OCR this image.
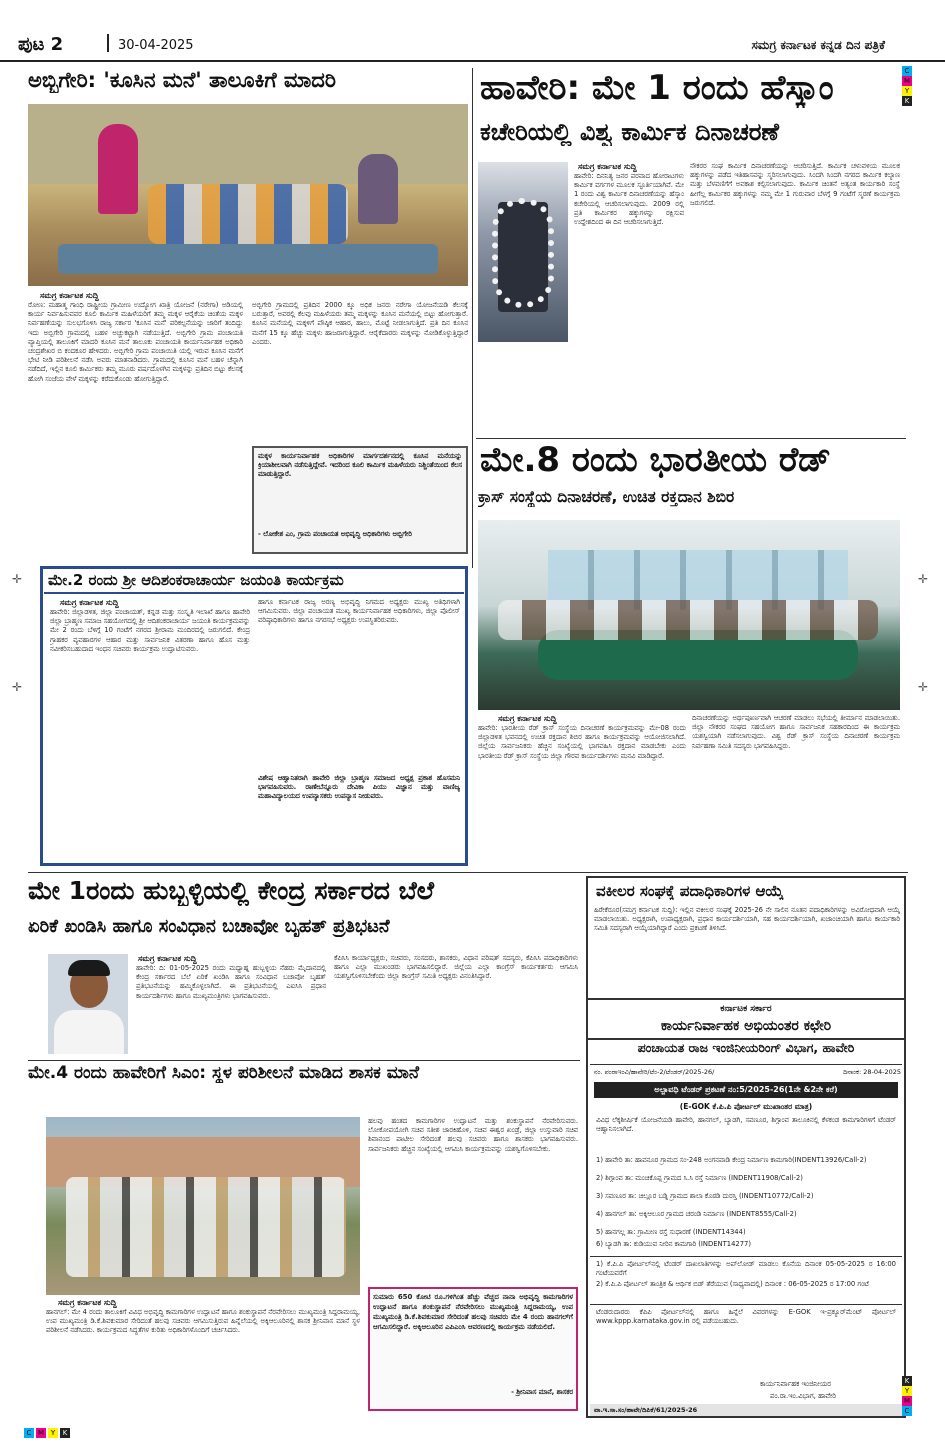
ಪುಟ 2	30-04-2025	ಸಮಗ್ರ ಕರ್ನಾಟಕ ಕನ್ನಡ ದಿನ ಪತ್ರಿಕೆ
C
M
Y
K
ಅಬ್ಬಿಗೇರಿ: 'ಕೂಸಿನ ಮನೆ' ತಾಲೂಕಿಗೆ ಮಾದರಿ
ಸಮಗ್ರ ಕರ್ನಾಟಕ ಸುದ್ದಿ
ರೋಣ: ಮಹಾತ್ಮ ಗಾಂಧಿ ರಾಷ್ಟ್ರೀಯ ಗ್ರಾಮೀಣ ಉದ್ಯೋಗ ಖಾತ್ರಿ ಯೋಜನೆ (ನರೇಗಾ) ಅಡಿಯಲ್ಲಿ ಕಾರ್ಯ ನಿರ್ವಹಿಸುವವರ ಕೂಲಿ ಕಾರ್ಮಿಕ ಮಹಿಳೆಯರಿಗೆ ತಮ್ಮ ಮಕ್ಕಳ ಆರೈಕೆಯ ಚಿಂತೆಯ ಮಕ್ಕಳ ನಿರ್ವಹಣೆಯನ್ನು ಸುಲಭಗೊಳಿಸಿ ರಾಜ್ಯ ಸರ್ಕಾರ 'ಕೂಸಿನ ಮನೆ' ಪರಿಕಲ್ಪನೆಯನ್ನು ಜಾರಿಗೆ ತಂದಿದ್ದು ಇದು ಅಬ್ಬಿಗೇರಿ ಗ್ರಾಮದಲ್ಲಿ ಬಹಳ ಅಚ್ಚುಕಟ್ಟಾಗಿ ನಡೆಯುತ್ತಿದೆ. ಅಬ್ಬಿಗೇರಿ ಗ್ರಾಮ ಪಂಚಾಯತಿ ವ್ಯಾಪ್ತಿಯಲ್ಲಿ ತಾಲೂಕಿಗೆ ಮಾದರಿ ಕೂಸಿನ ಮನೆ ತಾಲೂಕು ಪಂಚಾಯತಿ ಕಾರ್ಯನಿರ್ವಾಹಕ ಅಧಿಕಾರಿ ಚಂದ್ರಶೇಖರ ಬಿ ಕಂದಕೂರ ಹೇಳಿದರು. ಅಬ್ಬಿಗೇರಿ ಗ್ರಾಮ ಪಂಚಾಯಿತಿ ಯಲ್ಲಿ ಇರುವ ಕೂಸಿನ ಮನೆಗೆ ಭೇಟಿ ನೀಡಿ ಪರಿಶೀಲನೆ ನಡೆಸಿ ಅವರು ಮಾತನಾಡಿದರು. ಗ್ರಾಮದಲ್ಲಿ ಕೂಸಿನ ಮನೆ ಬಹಳ ಚೆನ್ನಾಗಿ ನಡೆದಿದೆ, ಇಲ್ಲಿನ ಕೂಲಿ ಕಾರ್ಮಿಕರು ತಮ್ಮ ಮೂರು ವರ್ಷದೊಳಗಿನ ಮಕ್ಕಳನ್ನು ಪ್ರತಿದಿನ ಬಿಟ್ಟು ಕೆಲಸಕ್ಕೆ ಹೋಗಿ ಸಂಜೆಯ ವೇಳೆ ಮಕ್ಕಳನ್ನು ಕರೆದುಕೊಂಡು ಹೋಗುತ್ತಿದ್ದಾರೆ.
ಅಬ್ಬಿಗೇರಿ ಗ್ರಾಮದಲ್ಲಿ ಪ್ರತಿದಿನ 2000 ಕ್ಕೂ ಅಧಿಕ ಜನರು ನರೇಗಾ ಯೋಜನೆಯಡಿ ಕೆಲಸಕ್ಕೆ ಬರುತ್ತಾರೆ, ಅವರಲ್ಲಿ ಕೆಲವು ಮಹಿಳೆಯರು ತಮ್ಮ ಮಕ್ಕಳನ್ನು ಕೂಸಿನ ಮನೆಯಲ್ಲಿ ಬಿಟ್ಟು ಹೋಗುತ್ತಾರೆ. ಕೂಸಿನ ಮನೆಯಲ್ಲಿ ಮಕ್ಕಳಿಗೆ ಪೌಷ್ಠಿಕ ಆಹಾರ, ಹಾಲು, ಮೊಟ್ಟೆ ನೀಡಲಾಗುತ್ತಿದೆ. ಪ್ರತಿ ದಿನ ಕೂಸಿನ ಮನೆಗೆ 15 ಕ್ಕೂ ಹೆಚ್ಚು ಮಕ್ಕಳು ಹಾಜರಾಗುತ್ತಿದ್ದಾರೆ. ಆರೈಕೆದಾರರು ಮಕ್ಕಳನ್ನು ನೋಡಿಕೊಳ್ಳುತ್ತಿದ್ದಾರೆ ಎಂದರು.
ಮಕ್ಕಳ ಕಾರ್ಯನಿರ್ವಾಹಕ ಅಧಿಕಾರಿಗಳ ಮಾರ್ಗದರ್ಶನದಲ್ಲಿ ಕೂಸಿನ ಮನೆಯನ್ನು ಕ್ರಿಯಾಶೀಲವಾಗಿ ನಡೆಸುತ್ತಿದ್ದೇವೆ. ಇದರಿಂದ ಕೂಲಿ ಕಾರ್ಮಿಕ ಮಹಿಳೆಯರು ನಿಶ್ಚಿಂತೆಯಿಂದ ಕೆಲಸ ಮಾಡುತ್ತಿದ್ದಾರೆ.
- ಲೋಕೇಶ ಎಂ, ಗ್ರಾಮ ಪಂಚಾಯತ ಅಭಿವೃದ್ಧಿ ಅಧಿಕಾರಿಗಳು ಅಬ್ಬಿಗೇರಿ
ಹಾವೇರಿ: ಮೇ 1 ರಂದು ಹೆಸ್ಕಾಂ
ಕಚೇರಿಯಲ್ಲಿ ವಿಶ್ವ ಕಾರ್ಮಿಕ ದಿನಾಚರಣೆ
ಸಮಗ್ರ ಕರ್ನಾಟಕ ಸುದ್ದಿ
ಹಾವೇರಿ: ದಿನನಿತ್ಯ ಜನರ ಪರವಾದ ಹೋರಾಟಗಳು ಕಾರ್ಮಿಕ ವರ್ಗಗಳ ಮೂಲಕ ಸ್ಫೂರ್ತಿಯಾಗಿವೆ. ಮೇ 1 ರಂದು ವಿಶ್ವ ಕಾರ್ಮಿಕ ದಿನಾಚರಣೆಯನ್ನು ಹೆಸ್ಕಾಂ ಕಚೇರಿಯಲ್ಲಿ ಆಚರಿಸಲಾಗುವುದು. 2009 ರಲ್ಲಿ ಪ್ರತಿ ಕಾರ್ಮಿಕರ ಹಕ್ಕುಗಳನ್ನು ರಕ್ಷಿಸುವ ಉದ್ದೇಶದಿಂದ ಈ ದಿನ ಆಚರಿಸಲಾಗುತ್ತಿದೆ.
ನೌಕರರ ಸಂಘ ಕಾರ್ಮಿಕ ದಿನಾಚರಣೆಯನ್ನು ಆಚರಿಸುತ್ತಿದೆ. ಕಾರ್ಮಿಕ ಚಳುವಳಿಯ ಮೂಲಕ ಹಕ್ಕುಗಳನ್ನು ಪಡೆದ ಇತಿಹಾಸವನ್ನು ಸ್ಮರಿಸಲಾಗುವುದು. ಸಿಂದಗಿ ಸಿಂದಗಿ ನಗರದ ಕಾರ್ಮಿಕ ಕಲ್ಯಾಣ ಮತ್ತು ಬೆಳವಣಿಗೆಗೆ ಅವಕಾಶ ಕಲ್ಪಿಸಲಾಗುವುದು. ಕಾರ್ಮಿಕ ಚಿಂತನೆ ಅತ್ಯಂತ ಕಾರ್ಯಕಾರಿ ಸಂಸ್ಥೆ ಹೀಗೆಲ್ಲ ಕಾರ್ಮಿಕರ ಹಕ್ಕುಗಳನ್ನು ನಮ್ಮ ಮೇ 1 ಗುರುವಾರ ಬೆಳಗ್ಗೆ 9 ಗಂಟೆಗೆ ಸ್ಮರಣೆ ಕಾರ್ಯಕ್ರಮ ಜರುಗಲಿದೆ.
ಮೇ.8 ರಂದು ಭಾರತೀಯ ರೆಡ್
ಕ್ರಾಸ್ ಸಂಸ್ಥೆಯ ದಿನಾಚರಣೆ, ಉಚಿತ ರಕ್ತದಾನ ಶಿಬಿರ
ಸಮಗ್ರ ಕರ್ನಾಟಕ ಸುದ್ದಿ
ಹಾವೇರಿ: ಭಾರತೀಯ ರೆಡ್ ಕ್ರಾಸ್ ಸಂಸ್ಥೆಯ ದಿನಾಚರಣೆ ಕಾರ್ಯಕ್ರಮವನ್ನು ಮೇ-08 ರಂದು ಜಿಲ್ಲಾಡಳಿತ ಭವನದಲ್ಲಿ ಉಚಿತ ರಕ್ತದಾನ ಶಿಬಿರ ಹಾಗೂ ಕಾರ್ಯಕ್ರಮವನ್ನು ಆಯೋಜಿಸಲಾಗಿದೆ. ಜಿಲ್ಲೆಯ ಸಾರ್ವಜನಿಕರು ಹೆಚ್ಚಿನ ಸಂಖ್ಯೆಯಲ್ಲಿ ಭಾಗವಹಿಸಿ ರಕ್ತದಾನ ಮಾಡಬೇಕು ಎಂದು ಭಾರತೀಯ ರೆಡ್ ಕ್ರಾಸ್ ಸಂಸ್ಥೆಯ ಜಿಲ್ಲಾ ಗೌರವ ಕಾರ್ಯದರ್ಶಿಗಳು ಮನವಿ ಮಾಡಿದ್ದಾರೆ.
ದಿನಾಚರಣೆಯನ್ನು ಅರ್ಥಪೂರ್ಣವಾಗಿ ಆಚರಣೆ ಮಾಡಲು ಸಭೆಯಲ್ಲಿ ತೀರ್ಮಾನ ಮಾಡಲಾಯಿತು. ಜಿಲ್ಲಾ ನೌಕರರ ಸಂಘದ ಸಹಯೋಗ ಹಾಗೂ ಸಾರ್ವಜನಿಕ ಸಹಕಾರದಿಂದ ಈ ಕಾರ್ಯಕ್ರಮ ಯಶಸ್ವಿಯಾಗಿ ನಡೆಸಲಾಗುವುದು. ವಿಶ್ವ ರೆಡ್ ಕ್ರಾಸ್ ಸಂಸ್ಥೆಯ ದಿನಾಚರಣೆ ಕಾರ್ಯಕ್ರಮ ನಿರ್ವಹಣಾ ಸಮಿತಿ ಸದಸ್ಯರು ಭಾಗವಹಿಸಿದ್ದರು.
ಮೇ.2 ರಂದು ಶ್ರೀ ಆದಿಶಂಕರಾಚಾರ್ಯ ಜಯಂತಿ ಕಾರ್ಯಕ್ರಮ
ಸಮಗ್ರ ಕರ್ನಾಟಕ ಸುದ್ದಿ
ಹಾವೇರಿ: ಜಿಲ್ಲಾಡಳಿತ, ಜಿಲ್ಲಾ ಪಂಚಾಯತ್, ಕನ್ನಡ ಮತ್ತು ಸಂಸ್ಕೃತಿ ಇಲಾಖೆ ಹಾಗೂ ಹಾವೇರಿ ಜಿಲ್ಲಾ ಬ್ರಾಹ್ಮಣ ಸಮಾಜ ಸಹಯೋಗದಲ್ಲಿ ಶ್ರೀ ಆದಿಶಂಕರಾಚಾರ್ಯ ಜಯಂತಿ ಕಾರ್ಯಕ್ರಮವನ್ನು ಮೇ 2 ರಂದು ಬೆಳಿಗ್ಗೆ 10 ಗಂಟೆಗೆ ನಗರದ ಶ್ರೀರಾಮ ಮಂದಿರದಲ್ಲಿ ಜರುಗಲಿದೆ. ಕೇಂದ್ರ ಗ್ರಾಹಕರ ವ್ಯವಹಾರಗಳ ಆಹಾರ ಮತ್ತು ಸಾರ್ವಜನಿಕ ವಿತರಣಾ ಹಾಗೂ ಹೊಸ ಮತ್ತು ನವೀಕರಿಸಬಹುದಾದ ಇಂಧನ ಸಚಿವರು ಕಾರ್ಯಕ್ರಮ ಉದ್ಘಾಟಿಸುವರು.
ಹಾಗೂ ಕರ್ನಾಟಕ ರಾಜ್ಯ ಅರಣ್ಯ ಅಭಿವೃದ್ಧಿ ನಿಗಮದ ಅಧ್ಯಕ್ಷರು ಮುಖ್ಯ ಅತಿಥಿಗಳಾಗಿ ಆಗಮಿಸುವರು. ಜಿಲ್ಲಾ ಪಂಚಾಯತ ಮುಖ್ಯ ಕಾರ್ಯನಿರ್ವಾಹಕ ಅಧಿಕಾರಿಗಳು, ಜಿಲ್ಲಾ ಪೊಲೀಸ್ ವರಿಷ್ಠಾಧಿಕಾರಿಗಳು ಹಾಗೂ ನಗರಸಭೆ ಅಧ್ಯಕ್ಷರು ಉಪಸ್ಥಿತರಿರುವರು.
ವಿಶೇಷ ಆಹ್ವಾನಿತರಾಗಿ ಹಾವೇರಿ ಜಿಲ್ಲಾ ಬ್ರಾಹ್ಮಣ ಸಮಾಜದ ಅಧ್ಯಕ್ಷ ಪ್ರಕಾಶ ಹೊಸಮನಿ ಭಾಗವಹಿಸುವರು. ರಾಣೇಬೆನ್ನೂರು ದೇವಿಕಾ ಪಿಯು ವಿಜ್ಞಾನ ಮತ್ತು ವಾಣಿಜ್ಯ ಮಹಾವಿದ್ಯಾಲಯದ ಉಪನ್ಯಾಸಕರು ಉಪನ್ಯಾಸ ನೀಡುವರು.
✛
✛
✛
✛
ಮೇ 1ರಂದು ಹುಬ್ಬಳ್ಳಿಯಲ್ಲಿ ಕೇಂದ್ರ ಸರ್ಕಾರದ ಬೆಲೆ
ಏರಿಕೆ ಖಂಡಿಸಿ ಹಾಗೂ ಸಂವಿಧಾನ ಬಚಾವೋ ಬೃಹತ್ ಪ್ರತಿಭಟನೆ
ಸಮಗ್ರ ಕರ್ನಾಟಕ ಸುದ್ದಿ
ಹಾವೇರಿ: ದಿ: 01-05-2025 ರಂದು ಮಧ್ಯಾಹ್ನ ಹುಬ್ಬಳ್ಳಿಯ ನೆಹರು ಮೈದಾನದಲ್ಲಿ ಕೇಂದ್ರ ಸರ್ಕಾರದ ಬೆಲೆ ಏರಿಕೆ ಖಂಡಿಸಿ ಹಾಗೂ ಸಂವಿಧಾನ ಬಚಾವೋ ಬೃಹತ್ ಪ್ರತಿಭಟನೆಯನ್ನು ಹಮ್ಮಿಕೊಳ್ಳಲಾಗಿದೆ. ಈ ಪ್ರತಿಭಟನೆಯಲ್ಲಿ ಎಐಸಿಸಿ ಪ್ರಧಾನ ಕಾರ್ಯದರ್ಶಿಗಳು ಹಾಗೂ ಮುಖ್ಯಮಂತ್ರಿಗಳು ಭಾಗವಹಿಸುವರು.
ಕೆಪಿಸಿಸಿ ಕಾರ್ಯಾಧ್ಯಕ್ಷರು, ಸಚಿವರು, ಸಂಸದರು, ಶಾಸಕರು, ವಿಧಾನ ಪರಿಷತ್ ಸದಸ್ಯರು, ಕೆಪಿಸಿಸಿ ಪದಾಧಿಕಾರಿಗಳು ಹಾಗೂ ಎಲ್ಲಾ ಮುಖಂಡರು ಭಾಗವಹಿಸಲಿದ್ದಾರೆ. ಜಿಲ್ಲೆಯ ಎಲ್ಲಾ ಕಾಂಗ್ರೆಸ್ ಕಾರ್ಯಕರ್ತರು ಆಗಮಿಸಿ ಯಶಸ್ವಿಗೊಳಿಸಬೇಕೆಂದು ಜಿಲ್ಲಾ ಕಾಂಗ್ರೆಸ್ ಸಮಿತಿ ಅಧ್ಯಕ್ಷರು ವಿನಂತಿಸಿದ್ದಾರೆ.
ವಕೀಲರ ಸಂಘಕ್ಕೆ ಪದಾಧಿಕಾರಿಗಳ ಆಯ್ಕೆ
ಹಿರೇಕೆರೂರ(ಸಮಗ್ರ ಕರ್ನಾಟಕ ಸುದ್ದಿ): ಇಲ್ಲಿನ ವಕೀಲರ ಸಂಘಕ್ಕೆ 2025-26 ನೇ ಸಾಲಿನ ನೂತನ ಪದಾಧಿಕಾರಿಗಳನ್ನು ಅವಿರೋಧವಾಗಿ ಆಯ್ಕೆ ಮಾಡಲಾಯಿತು. ಅಧ್ಯಕ್ಷರಾಗಿ, ಉಪಾಧ್ಯಕ್ಷರಾಗಿ, ಪ್ರಧಾನ ಕಾರ್ಯದರ್ಶಿಯಾಗಿ, ಸಹ ಕಾರ್ಯದರ್ಶಿಯಾಗಿ, ಖಜಾಂಚಿಯಾಗಿ ಹಾಗೂ ಕಾರ್ಯಕಾರಿ ಸಮಿತಿ ಸದಸ್ಯರಾಗಿ ಆಯ್ಕೆಯಾಗಿದ್ದಾರೆ ಎಂದು ಪ್ರಕಟಣೆ ತಿಳಿಸಿದೆ.
ಮೇ.4 ರಂದು ಹಾವೇರಿಗೆ ಸಿಎಂ: ಸ್ಥಳ ಪರಿಶೀಲನೆ ಮಾಡಿದ ಶಾಸಕ ಮಾನೆ
ಸಮಗ್ರ ಕರ್ನಾಟಕ ಸುದ್ದಿ
ಹಾನಗಲ್: ಮೇ 4 ರಂದು ತಾಲೂಕಿಗೆ ವಿವಿಧ ಅಭಿವೃದ್ಧಿ ಕಾಮಗಾರಿಗಳ ಉದ್ಘಾಟನೆ ಹಾಗೂ ಶಂಕುಸ್ಥಾಪನೆ ನೆರವೇರಿಸಲು ಮುಖ್ಯಮಂತ್ರಿ ಸಿದ್ದರಾಮಯ್ಯ, ಉಪ ಮುಖ್ಯಮಂತ್ರಿ ಡಿ.ಕೆ.ಶಿವಕುಮಾರ ಸೇರಿದಂತೆ ಹಲವು ಸಚಿವರು ಆಗಮಿಸುತ್ತಿರುವ ಹಿನ್ನೆಲೆಯಲ್ಲಿ ಅಕ್ಕಿಆಲೂರಿನಲ್ಲಿ ಶಾಸಕ ಶ್ರೀನಿವಾಸ ಮಾನೆ ಸ್ಥಳ ಪರಿಶೀಲನೆ ನಡೆಸಿದರು. ಕಾರ್ಯಕ್ರಮದ ಸಿದ್ಧತೆಗಳ ಕುರಿತು ಅಧಿಕಾರಿಗಳೊಂದಿಗೆ ಚರ್ಚಿಸಿದರು.
ಹಲವು ಹಂತದ ಕಾಮಗಾರಿಗಳ ಉದ್ಘಾಟನೆ ಮತ್ತು ಶಂಕುಸ್ಥಾಪನೆ ನೆರವೇರಿಸುವರು. ಲೋಕೋಪಯೋಗಿ ಸಚಿವ ಸತೀಶ ಜಾರಕಿಹೊಳಿ, ಸಚಿವ ಈಶ್ವರ ಖಂಡ್ರೆ, ಜಿಲ್ಲಾ ಉಸ್ತುವಾರಿ ಸಚಿವ ಶಿವಾನಂದ ಪಾಟೀಲ ಸೇರಿದಂತೆ ಹಲವು ಸಚಿವರು ಹಾಗೂ ಶಾಸಕರು ಭಾಗವಹಿಸುವರು. ಸಾರ್ವಜನಿಕರು ಹೆಚ್ಚಿನ ಸಂಖ್ಯೆಯಲ್ಲಿ ಆಗಮಿಸಿ ಕಾರ್ಯಕ್ರಮವನ್ನು ಯಶಸ್ವಿಗೊಳಿಸಬೇಕು.
ಸುಮಾರು 650 ಕೋಟಿ ರೂ.ಗಳಿಗಿಂತ ಹೆಚ್ಚು ವೆಚ್ಚದ ನಾನಾ ಅಭಿವೃದ್ಧಿ ಕಾಮಗಾರಿಗಳ ಉದ್ಘಾಟನೆ ಹಾಗೂ ಶಂಕುಸ್ಥಾಪನೆ ನೆರವೇರಿಸಲು ಮುಖ್ಯಮಂತ್ರಿ ಸಿದ್ದರಾಮಯ್ಯ, ಉಪ ಮುಖ್ಯಮಂತ್ರಿ ಡಿ.ಕೆ.ಶಿವಕುಮಾರ ಸೇರಿದಂತೆ ಹಲವು ಸಚಿವರು ಮೇ 4 ರಂದು ಹಾನಗಲ್‌ಗೆ ಆಗಮಿಸಲಿದ್ದಾರೆ. ಅಕ್ಕಿಆಲೂರಿನ ಎಪಿಎಂಸಿ ಆವರಣದಲ್ಲಿ ಕಾರ್ಯಕ್ರಮ ನಡೆಯಲಿದೆ.
- ಶ್ರೀನಿವಾಸ ಮಾನೆ, ಶಾಸಕರ
ಕರ್ನಾಟಕ ಸರ್ಕಾರ
ಕಾರ್ಯನಿರ್ವಾಹಕ ಅಭಿಯಂತರ ಕಛೇರಿ
ಪಂಚಾಯತ ರಾಜ ಇಂಜಿನೀಯರಿಂಗ್ ವಿಭಾಗ, ಹಾವೇರಿ
ನಂ. ಪಂರಾಇಂವಿ/ಹಾವೇರಿ/ಟೆಂ-2/ಟೆಂಡರ್/2025-26/	ದಿನಾಂಕ: 28-04-2025
ಅಲ್ಪಾವಧಿ ಟೆಂಡರ್ ಪ್ರಕಟಣೆ ನಂ:5/2025-26(1ನೇ &2ನೇ ಕರೆ)
(E-GOK ಕೆ.ಪಿ.ಪಿ ಪೋರ್ಟಲ್ ಮುಖಾಂತರ ಮಾತ್ರ)
ವಿವಿಧ ಲೆಕ್ಕಶೀರ್ಷಿಕೆ ಯೋಜನೆಯಡಿ ಹಾವೇರಿ, ಹಾನಗಲ್, ಬ್ಯಾಡಗಿ, ಸವಣೂರ, ಶಿಗ್ಗಾಂವ ತಾಲೂಕಿನಲ್ಲಿ ಕೆಳಕಂಡ ಕಾಮಗಾರಿಗಳಿಗೆ ಟೆಂಡರ್ ಆಹ್ವಾನಿಸಲಾಗಿದೆ.
1) ಹಾವೇರಿ ತಾ: ಹಾವನೂರ ಗ್ರಾಮದ ಸಂ-248 ಅಂಗನವಾಡಿ ಕೇಂದ್ರ ನಿರ್ಮಾಣ ಕಾಮಗಾರಿ(INDENT13926/Call-2)
2) ಶಿಗ್ಗಾಂವ ತಾ: ಮಂಚಿಕೊಪ್ಪ ಗ್ರಾಮದ ಸಿ.ಸಿ ರಸ್ತೆ ನಿರ್ಮಾಣ (INDENT11908/Call-2)
3) ಸವಣೂರ ತಾ: ಚಿಲ್ಲೂರ ಬಡ್ನಿ ಗ್ರಾಮದ ಶಾಲಾ ಕೊಠಡಿ ದುರಸ್ತಿ (INDENT10772/Call-2)
4) ಹಾನಗಲ್ ತಾ: ಅಕ್ಕಿಆಲೂರ ಗ್ರಾಮದ ಚರಂಡಿ ನಿರ್ಮಾಣ (INDENT8555/Call-2)
5) ಹಾನಗಲ್ಲ ತಾ: ಗ್ರಾಮೀಣ ರಸ್ತೆ ಸುಧಾರಣೆ (INDENT14344)
6) ಬ್ಯಾಡಗಿ ತಾ: ಕುಡಿಯುವ ನೀರಿನ ಕಾಮಗಾರಿ (INDENT14277)
1) ಕೆ.ಪಿ.ಪಿ ಪೋರ್ಟಲ್‌ನಲ್ಲಿ ಟೆಂಡರ್ ದಾಖಲಾತಿಗಳನ್ನು ಅಪ್‌ಲೋಡ್ ಮಾಡಲು ಕೊನೆಯ ದಿನಾಂಕ 05-05-2025 ರ 16:00 ಗಂಟೆಯವರೆಗೆ
2) ಕೆ.ಪಿ.ಪಿ ಪೋರ್ಟಲ್ ತಾಂತ್ರಿಕ & ಆರ್ಥಿಕ ಬಿಡ್ ತೆರೆಯುವ (ಸಾಧ್ಯವಾದಲ್ಲಿ) ದಿನಾಂಕ : 06-05-2025 ರ 17:00 ಗಂಟೆ
ಟೆಂಡರುದಾರರು ಕೆಪಿಪಿ ಪೋರ್ಟಲ್‌ನಲ್ಲಿ ಹಾಗೂ ಹಿನ್ನೆಲೆ ವಿವರಗಳನ್ನು E-GOK ಇ-ಪ್ರಕ್ಯೂರ್‌ಮೆಂಟ್ ಪೋರ್ಟಲ್ www.kppp.karnataka.gov.in ರಲ್ಲಿ ಪಡೆಯಬಹುದು.
ಕಾರ್ಯನಿರ್ವಾಹಕ ಇಂಜಿನೀಯರ
ಪಂ.ರಾ.ಇಂ.ವಿಭಾಗ, ಹಾವೇರಿ
ವಾ.ಇ.ಸಾ.ಸಂ/ಹಾವೇ/ದಿಪಿಕೆ/61/2025-26
C M Y	K
K
Y
M
C
